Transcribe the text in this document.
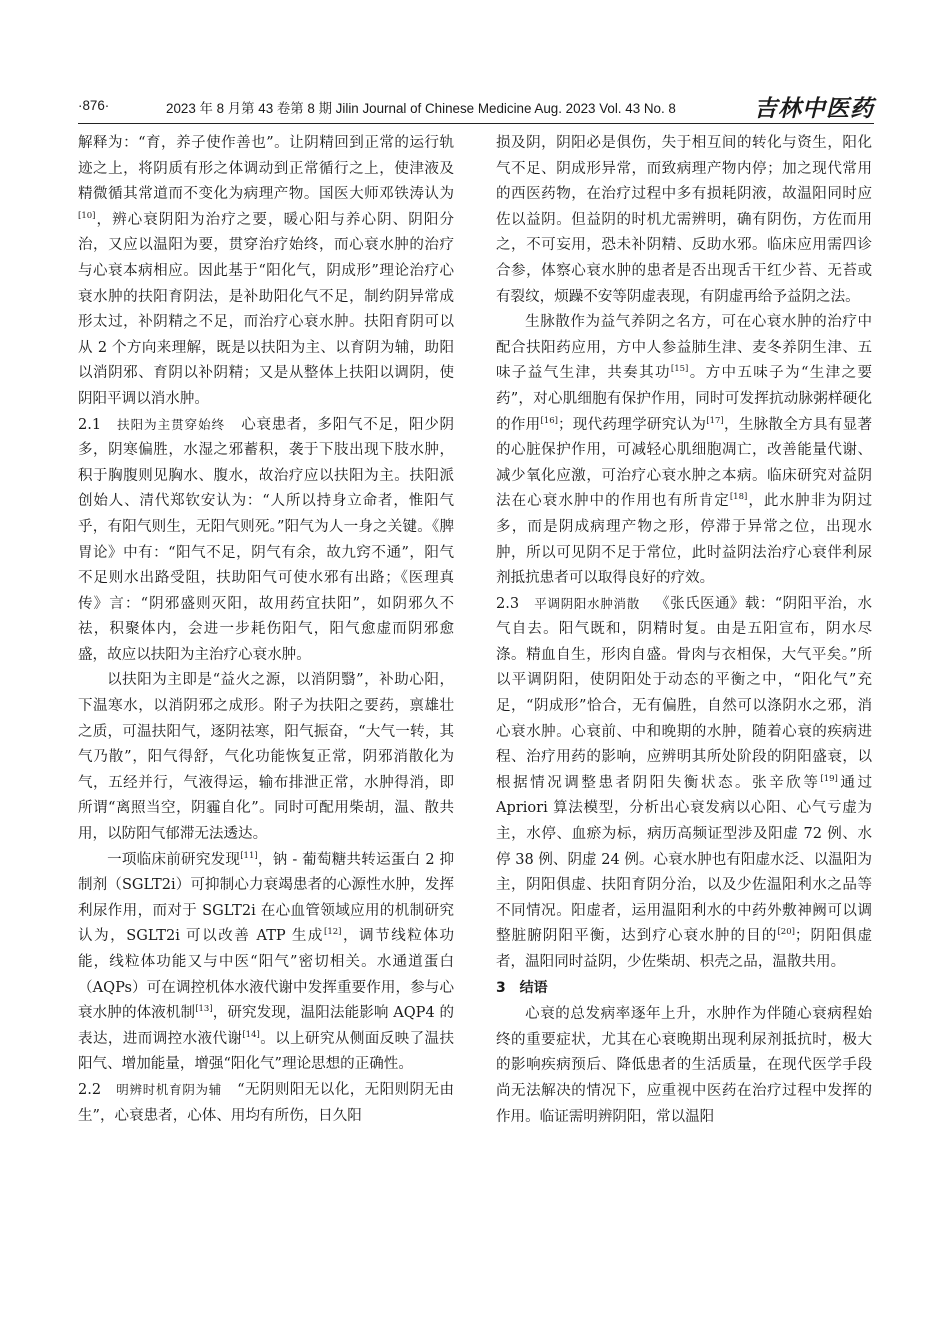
·876·	2023 年 8 月第 43 卷第 8 期 Jilin Journal of Chinese Medicine Aug. 2023 Vol. 43 No. 8	吉林中医药

解释为：“育，养子使作善也”。让阴精回到正常的运行轨迹之上，将阴质有形之体调动到正常循行之上，使津液及精微循其常道而不变化为病理产物。国医大师邓铁涛认为[10]，辨心衰阴阳为治疗之要，暖心阳与养心阴、阴阳分治，又应以温阳为要，贯穿治疗始终，而心衰水肿的治疗与心衰本病相应。因此基于“阳化气，阴成形”理论治疗心衰水肿的扶阳育阴法，是补助阳化气不足，制约阴异常成形太过，补阴精之不足，而治疗心衰水肿。扶阳育阴可以从 2 个方向来理解，既是以扶阳为主、以育阴为辅，助阳以消阴邪、育阴以补阴精；又是从整体上扶阳以调阴，使阴阳平调以消水肿。

2.1 扶阳为主贯穿始终 心衰患者，多阳气不足，阳少阴多，阴寒偏胜，水湿之邪蓄积，袭于下肢出现下肢水肿，积于胸腹则见胸水、腹水，故治疗应以扶阳为主。扶阳派创始人、清代郑钦安认为：“人所以持身立命者，惟阳气乎，有阳气则生，无阳气则死。”阳气为人一身之关键。《脾胃论》中有：“阳气不足，阴气有余，故九窍不通”，阳气不足则水出路受阻，扶助阳气可使水邪有出路；《医理真传》言：“阴邪盛则灭阳，故用药宜扶阳”，如阴邪久不祛，积聚体内，会进一步耗伤阳气，阳气愈虚而阴邪愈盛，故应以扶阳为主治疗心衰水肿。

以扶阳为主即是“益火之源，以消阴翳”，补助心阳，下温寒水，以消阴邪之成形。附子为扶阳之要药，禀雄壮之质，可温扶阳气，逐阴祛寒，阳气振奋，“大气一转，其气乃散”，阳气得舒，气化功能恢复正常，阴邪消散化为气，五经并行，气液得运，输布排泄正常，水肿得消，即所谓“离照当空，阴霾自化”。同时可配用柴胡，温、散共用，以防阳气郁滞无法透达。

一项临床前研究发现[11]，钠 - 葡萄糖共转运蛋白 2 抑制剂（SGLT2i）可抑制心力衰竭患者的心源性水肿，发挥利尿作用，而对于 SGLT2i 在心血管领域应用的机制研究认为，SGLT2i 可以改善 ATP 生成[12]，调节线粒体功能，线粒体功能又与中医“阳气”密切相关。水通道蛋白（AQPs）可在调控机体水液代谢中发挥重要作用，参与心衰水肿的体液机制[13]，研究发现，温阳法能影响 AQP4 的表达，进而调控水液代谢[14]。以上研究从侧面反映了温扶阳气、增加能量，增强“阳化气”理论思想的正确性。

2.2 明辨时机育阴为辅 “无阴则阳无以化，无阳则阴无由生”，心衰患者，心体、用均有所伤，日久阳

损及阴，阴阳必是俱伤，失于相互间的转化与资生，阳化气不足、阴成形异常，而致病理产物内停；加之现代常用的西医药物，在治疗过程中多有损耗阴液，故温阳同时应佐以益阴。但益阴的时机尤需辨明，确有阴伤，方佐而用之，不可妄用，恐未补阴精、反助水邪。临床应用需四诊合参，体察心衰水肿的患者是否出现舌干红少苔、无苔或有裂纹，烦躁不安等阴虚表现，有阴虚再给予益阴之法。

生脉散作为益气养阴之名方，可在心衰水肿的治疗中配合扶阳药应用，方中人参益肺生津、麦冬养阴生津、五味子益气生津，共奏其功[15]。方中五味子为“生津之要药”，对心肌细胞有保护作用，同时可发挥抗动脉粥样硬化的作用[16]；现代药理学研究认为[17]，生脉散全方具有显著的心脏保护作用，可减轻心肌细胞凋亡，改善能量代谢、减少氧化应激，可治疗心衰水肿之本病。临床研究对益阴法在心衰水肿中的作用也有所肯定[18]，此水肿非为阴过多，而是阴成病理产物之形，停滞于异常之位，出现水肿，所以可见阴不足于常位，此时益阴法治疗心衰伴利尿剂抵抗患者可以取得良好的疗效。

2.3 平调阴阳水肿消散 《张氏医通》载：“阴阳平治，水气自去。阳气既和，阴精时复。由是五阳宣布，阴水尽涤。精血自生，形肉自盛。骨肉与衣相保，大气平矣。”所以平调阴阳，使阴阳处于动态的平衡之中，“阳化气”充足，“阴成形”恰合，无有偏胜，自然可以涤阴水之邪，消心衰水肿。心衰前、中和晚期的水肿，随着心衰的疾病进程、治疗用药的影响，应辨明其所处阶段的阴阳盛衰，以根据情况调整患者阴阳失衡状态。张辛欣等[19]通过 Apriori 算法模型，分析出心衰发病以心阳、心气亏虚为主，水停、血瘀为标，病历高频证型涉及阳虚 72 例、水停 38 例、阴虚 24 例。心衰水肿也有阳虚水泛、以温阳为主，阴阳俱虚、扶阳育阴分治，以及少佐温阳利水之品等不同情况。阳虚者，运用温阳利水的中药外敷神阙可以调整脏腑阴阳平衡，达到疗心衰水肿的目的[20]；阴阳俱虚者，温阳同时益阴，少佐柴胡、枳壳之品，温散共用。

3 结语

心衰的总发病率逐年上升，水肿作为伴随心衰病程始终的重要症状，尤其在心衰晚期出现利尿剂抵抗时，极大的影响疾病预后、降低患者的生活质量，在现代医学手段尚无法解决的情况下，应重视中医药在治疗过程中发挥的作用。临证需明辨阴阳，常以温阳
